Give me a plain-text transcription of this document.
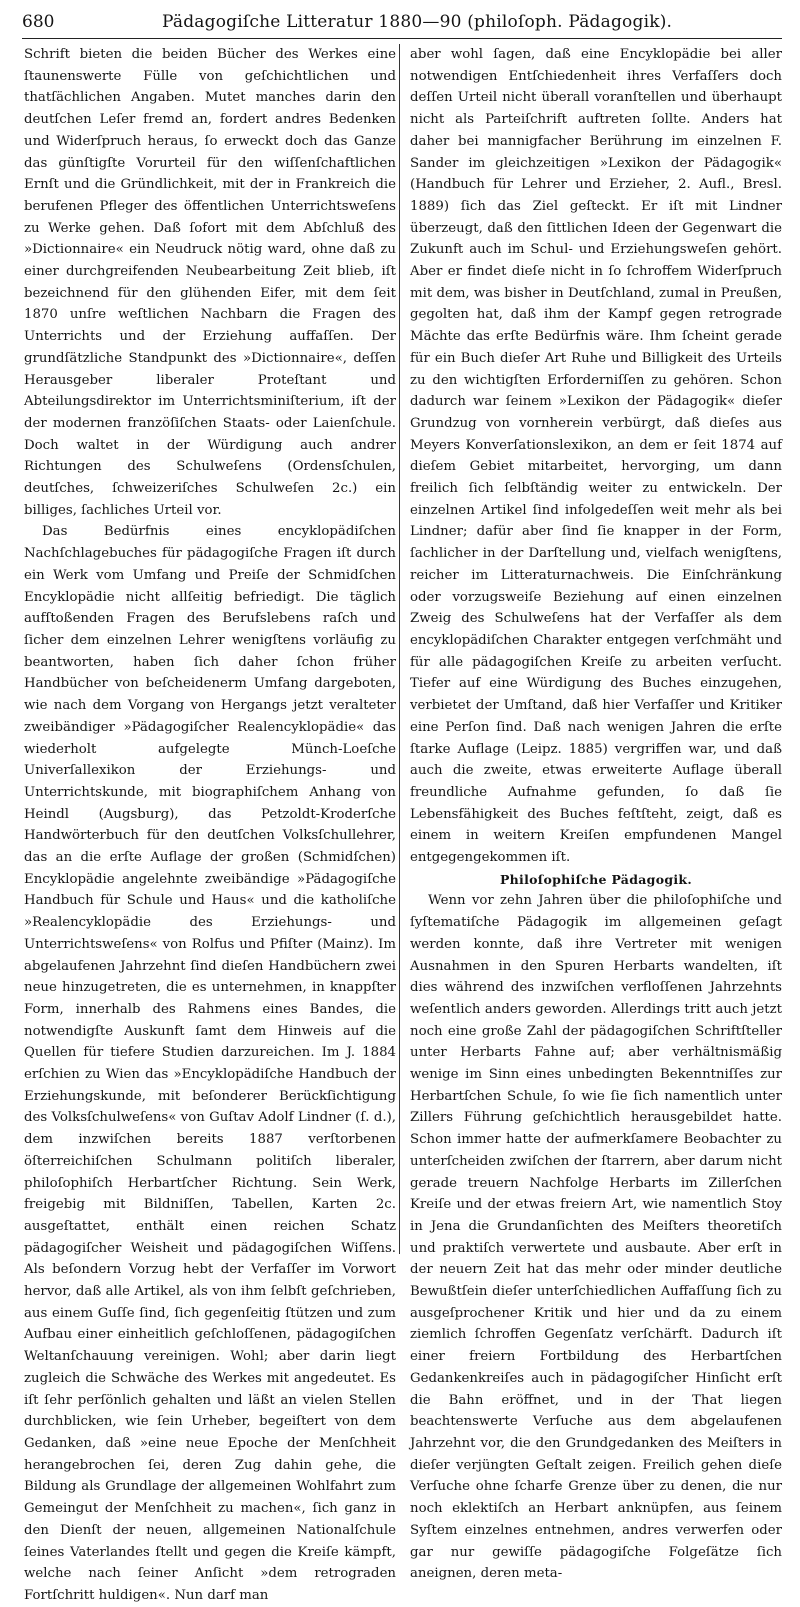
680	Pädagogiſche Litteratur 1880—90 (philoſoph. Pädagogik).

Schrift bieten die beiden Bücher des Werkes eine ſtaunenswerte Fülle von geſchichtlichen und thatſächlichen Angaben. Mutet manches darin den deutſchen Leſer fremd an, fordert andres Bedenken und Widerſpruch heraus, ſo erweckt doch das Ganze das günſtigſte Vorurteil für den wiſſenſchaftlichen Ernſt und die Gründlichkeit, mit der in Frankreich die berufenen Pfleger des öffentlichen Unterrichtsweſens zu Werke gehen. Daß ſofort mit dem Abſchluß des »Dictionnaire« ein Neudruck nötig ward, ohne daß zu einer durchgreifenden Neubearbeitung Zeit blieb, iſt bezeichnend für den glühenden Eifer, mit dem ſeit 1870 unſre weſtlichen Nachbarn die Fragen des Unterrichts und der Erziehung auffaſſen. Der grundſätzliche Standpunkt des »Dictionnaire«, deſſen Herausgeber liberaler Proteſtant und Abteilungsdirektor im Unterrichtsminiſterium, iſt der der modernen franzöſiſchen Staats- oder Laienſchule. Doch waltet in der Würdigung auch andrer Richtungen des Schulweſens (Ordensſchulen, deutſches, ſchweizeriſches Schulweſen 2c.) ein billiges, ſachliches Urteil vor.

Das Bedürfnis eines encyklopädiſchen Nachſchlagebuches für pädagogiſche Fragen iſt durch ein Werk vom Umfang und Preiſe der Schmidſchen Encyklopädie nicht allſeitig befriedigt. Die täglich aufſtoßenden Fragen des Berufslebens raſch und ſicher dem einzelnen Lehrer wenigſtens vorläufig zu beantworten, haben ſich daher ſchon früher Handbücher von beſcheidenerm Umfang dargeboten, wie nach dem Vorgang von Hergangs jetzt veralteter zweibändiger »Pädagogiſcher Realencyklopädie« das wiederholt aufgelegte Münch-Loeſche Univerſallexikon der Erziehungs- und Unterrichtskunde, mit biographiſchem Anhang von Heindl (Augsburg), das Petzoldt-Kroderſche Handwörterbuch für den deutſchen Volksſchullehrer, das an die erſte Auflage der großen (Schmidſchen) Encyklopädie angelehnte zweibändige »Pädagogiſche Handbuch für Schule und Haus« und die katholiſche »Realencyklopädie des Erziehungs- und Unterrichtsweſens« von Rolfus und Pfiſter (Mainz). Im abgelaufenen Jahrzehnt ſind dieſen Handbüchern zwei neue hinzugetreten, die es unternehmen, in knappſter Form, innerhalb des Rahmens eines Bandes, die notwendigſte Auskunft ſamt dem Hinweis auf die Quellen für tiefere Studien darzureichen. Im J. 1884 erſchien zu Wien das »Encyklopädiſche Handbuch der Erziehungskunde, mit beſonderer Berückſichtigung des Volksſchulweſens« von Guſtav Adolf Lindner (ſ. d.), dem inzwiſchen bereits 1887 verſtorbenen öſterreichiſchen Schulmann politiſch liberaler, philoſophiſch Herbartſcher Richtung. Sein Werk, freigebig mit Bildniſſen, Tabellen, Karten 2c. ausgeſtattet, enthält einen reichen Schatz pädagogiſcher Weisheit und pädagogiſchen Wiſſens. Als beſondern Vorzug hebt der Verfaſſer im Vorwort hervor, daß alle Artikel, als von ihm ſelbſt geſchrieben, aus einem Guſſe ſind, ſich gegenſeitig ſtützen und zum Aufbau einer einheitlich geſchloſſenen, pädagogiſchen Weltanſchauung vereinigen. Wohl; aber darin liegt zugleich die Schwäche des Werkes mit angedeutet. Es iſt ſehr perſönlich gehalten und läßt an vielen Stellen durchblicken, wie ſein Urheber, begeiſtert von dem Gedanken, daß »eine neue Epoche der Menſchheit herangebrochen ſei, deren Zug dahin gehe, die Bildung als Grundlage der allgemeinen Wohlfahrt zum Gemeingut der Menſchheit zu machen«, ſich ganz in den Dienſt der neuen, allgemeinen Nationalſchule ſeines Vaterlandes ſtellt und gegen die Kreiſe kämpft, welche nach ſeiner Anſicht »dem retrograden Fortſchritt huldigen«. Nun darf man

aber wohl ſagen, daß eine Encyklopädie bei aller notwendigen Entſchiedenheit ihres Verfaſſers doch deſſen Urteil nicht überall voranſtellen und überhaupt nicht als Parteiſchrift auftreten ſollte. Anders hat daher bei mannigfacher Berührung im einzelnen F. Sander im gleichzeitigen »Lexikon der Pädagogik« (Handbuch für Lehrer und Erzieher, 2. Aufl., Bresl. 1889) ſich das Ziel geſteckt. Er iſt mit Lindner überzeugt, daß den ſittlichen Ideen der Gegenwart die Zukunft auch im Schul- und Erziehungsweſen gehört. Aber er findet dieſe nicht in ſo ſchroffem Widerſpruch mit dem, was bisher in Deutſchland, zumal in Preußen, gegolten hat, daß ihm der Kampf gegen retrograde Mächte das erſte Bedürfnis wäre. Ihm ſcheint gerade für ein Buch dieſer Art Ruhe und Billigkeit des Urteils zu den wichtigſten Erforderniſſen zu gehören. Schon dadurch war ſeinem »Lexikon der Pädagogik« dieſer Grundzug von vornherein verbürgt, daß dieſes aus Meyers Konverſationslexikon, an dem er ſeit 1874 auf dieſem Gebiet mitarbeitet, hervorging, um dann freilich ſich ſelbſtändig weiter zu entwickeln. Der einzelnen Artikel ſind infolgedeſſen weit mehr als bei Lindner; dafür aber ſind ſie knapper in der Form, ſachlicher in der Darſtellung und, vielfach wenigſtens, reicher im Litteraturnachweis. Die Einſchränkung oder vorzugsweiſe Beziehung auf einen einzelnen Zweig des Schulweſens hat der Verfaſſer als dem encyklopädiſchen Charakter entgegen verſchmäht und für alle pädagogiſchen Kreiſe zu arbeiten verſucht. Tiefer auf eine Würdigung des Buches einzugehen, verbietet der Umſtand, daß hier Verfaſſer und Kritiker eine Perſon ſind. Daß nach wenigen Jahren die erſte ſtarke Auflage (Leipz. 1885) vergriffen war, und daß auch die zweite, etwas erweiterte Auflage überall freundliche Aufnahme gefunden, ſo daß ſie Lebensfähigkeit des Buches feſtſteht, zeigt, daß es einem in weitern Kreiſen empfundenen Mangel entgegengekommen iſt.

Philoſophiſche Pädagogik.

Wenn vor zehn Jahren über die philoſophiſche und ſyſtematiſche Pädagogik im allgemeinen geſagt werden konnte, daß ihre Vertreter mit wenigen Ausnahmen in den Spuren Herbarts wandelten, iſt dies während des inzwiſchen verfloſſenen Jahrzehnts weſentlich anders geworden. Allerdings tritt auch jetzt noch eine große Zahl der pädagogiſchen Schriftſteller unter Herbarts Fahne auf; aber verhältnismäßig wenige im Sinn eines unbedingten Bekenntniſſes zur Herbartſchen Schule, ſo wie ſie ſich namentlich unter Zillers Führung geſchichtlich herausgebildet hatte. Schon immer hatte der aufmerkſamere Beobachter zu unterſcheiden zwiſchen der ſtarrern, aber darum nicht gerade treuern Nachfolge Herbarts im Zillerſchen Kreiſe und der etwas freiern Art, wie namentlich Stoy in Jena die Grundanſichten des Meiſters theoretiſch und praktiſch verwertete und ausbaute. Aber erſt in der neuern Zeit hat das mehr oder minder deutliche Bewußtſein dieſer unterſchiedlichen Auffaſſung ſich zu ausgeſprochener Kritik und hier und da zu einem ziemlich ſchroffen Gegenſatz verſchärft. Dadurch iſt einer freiern Fortbildung des Herbartſchen Gedankenkreiſes auch in pädagogiſcher Hinſicht erſt die Bahn eröffnet, und in der That liegen beachtenswerte Verſuche aus dem abgelaufenen Jahrzehnt vor, die den Grundgedanken des Meiſters in dieſer verjüngten Geſtalt zeigen. Freilich gehen dieſe Verſuche ohne ſcharfe Grenze über zu denen, die nur noch eklektiſch an Herbart anknüpfen, aus ſeinem Syſtem einzelnes entnehmen, andres verwerfen oder gar nur gewiſſe pädagogiſche Folgeſätze ſich aneignen, deren meta-
